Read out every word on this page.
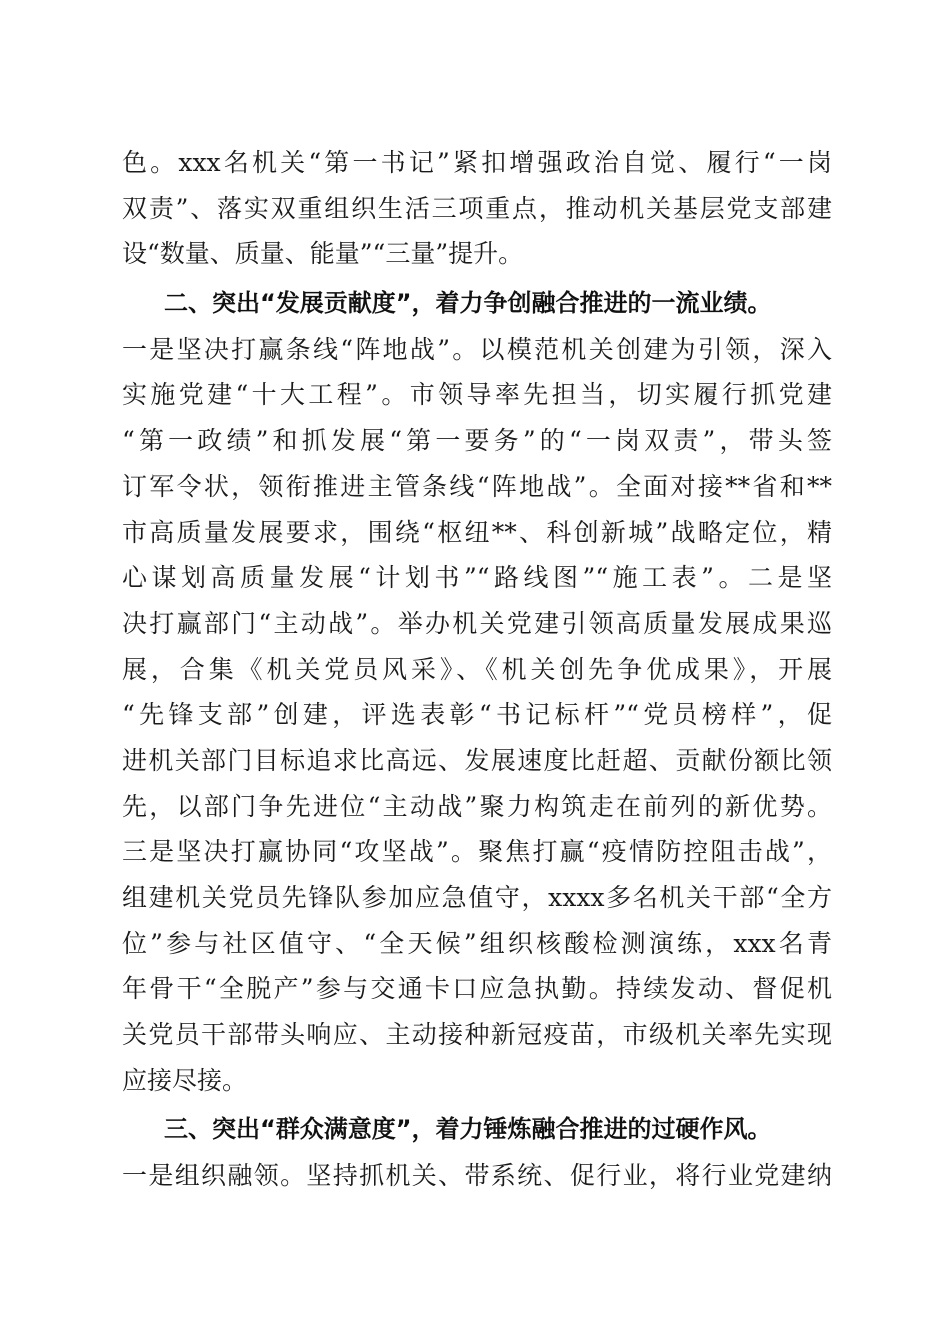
色。xxx名机关“第一书记”紧扣增强政治自觉、履行“一岗
双责”、落实双重组织生活三项重点，推动机关基层党支部建
设“数量、质量、能量”“三量”提升。
二、突出“发展贡献度”，着力争创融合推进的一流业绩。
一是坚决打赢条线“阵地战”。以模范机关创建为引领，深入
实施党建“十大工程”。市领导率先担当，切实履行抓党建
“第一政绩”和抓发展“第一要务”的“一岗双责”，带头签
订军令状，领衔推进主管条线“阵地战”。全面对接**省和**
市高质量发展要求，围绕“枢纽**、科创新城”战略定位，精
心谋划高质量发展“计划书”“路线图”“施工表”。二是坚
决打赢部门“主动战”。举办机关党建引领高质量发展成果巡
展，合集《机关党员风采》、《机关创先争优成果》，开展
“先锋支部”创建，评选表彰“书记标杆”“党员榜样”，促
进机关部门目标追求比高远、发展速度比赶超、贡献份额比领
先，以部门争先进位“主动战”聚力构筑走在前列的新优势。
三是坚决打赢协同“攻坚战”。聚焦打赢“疫情防控阻击战”，
组建机关党员先锋队参加应急值守，xxxx多名机关干部“全方
位”参与社区值守、“全天候”组织核酸检测演练，xxx名青
年骨干“全脱产”参与交通卡口应急执勤。持续发动、督促机
关党员干部带头响应、主动接种新冠疫苗，市级机关率先实现
应接尽接。
三、突出“群众满意度”，着力锤炼融合推进的过硬作风。
一是组织融领。坚持抓机关、带系统、促行业，将行业党建纳
